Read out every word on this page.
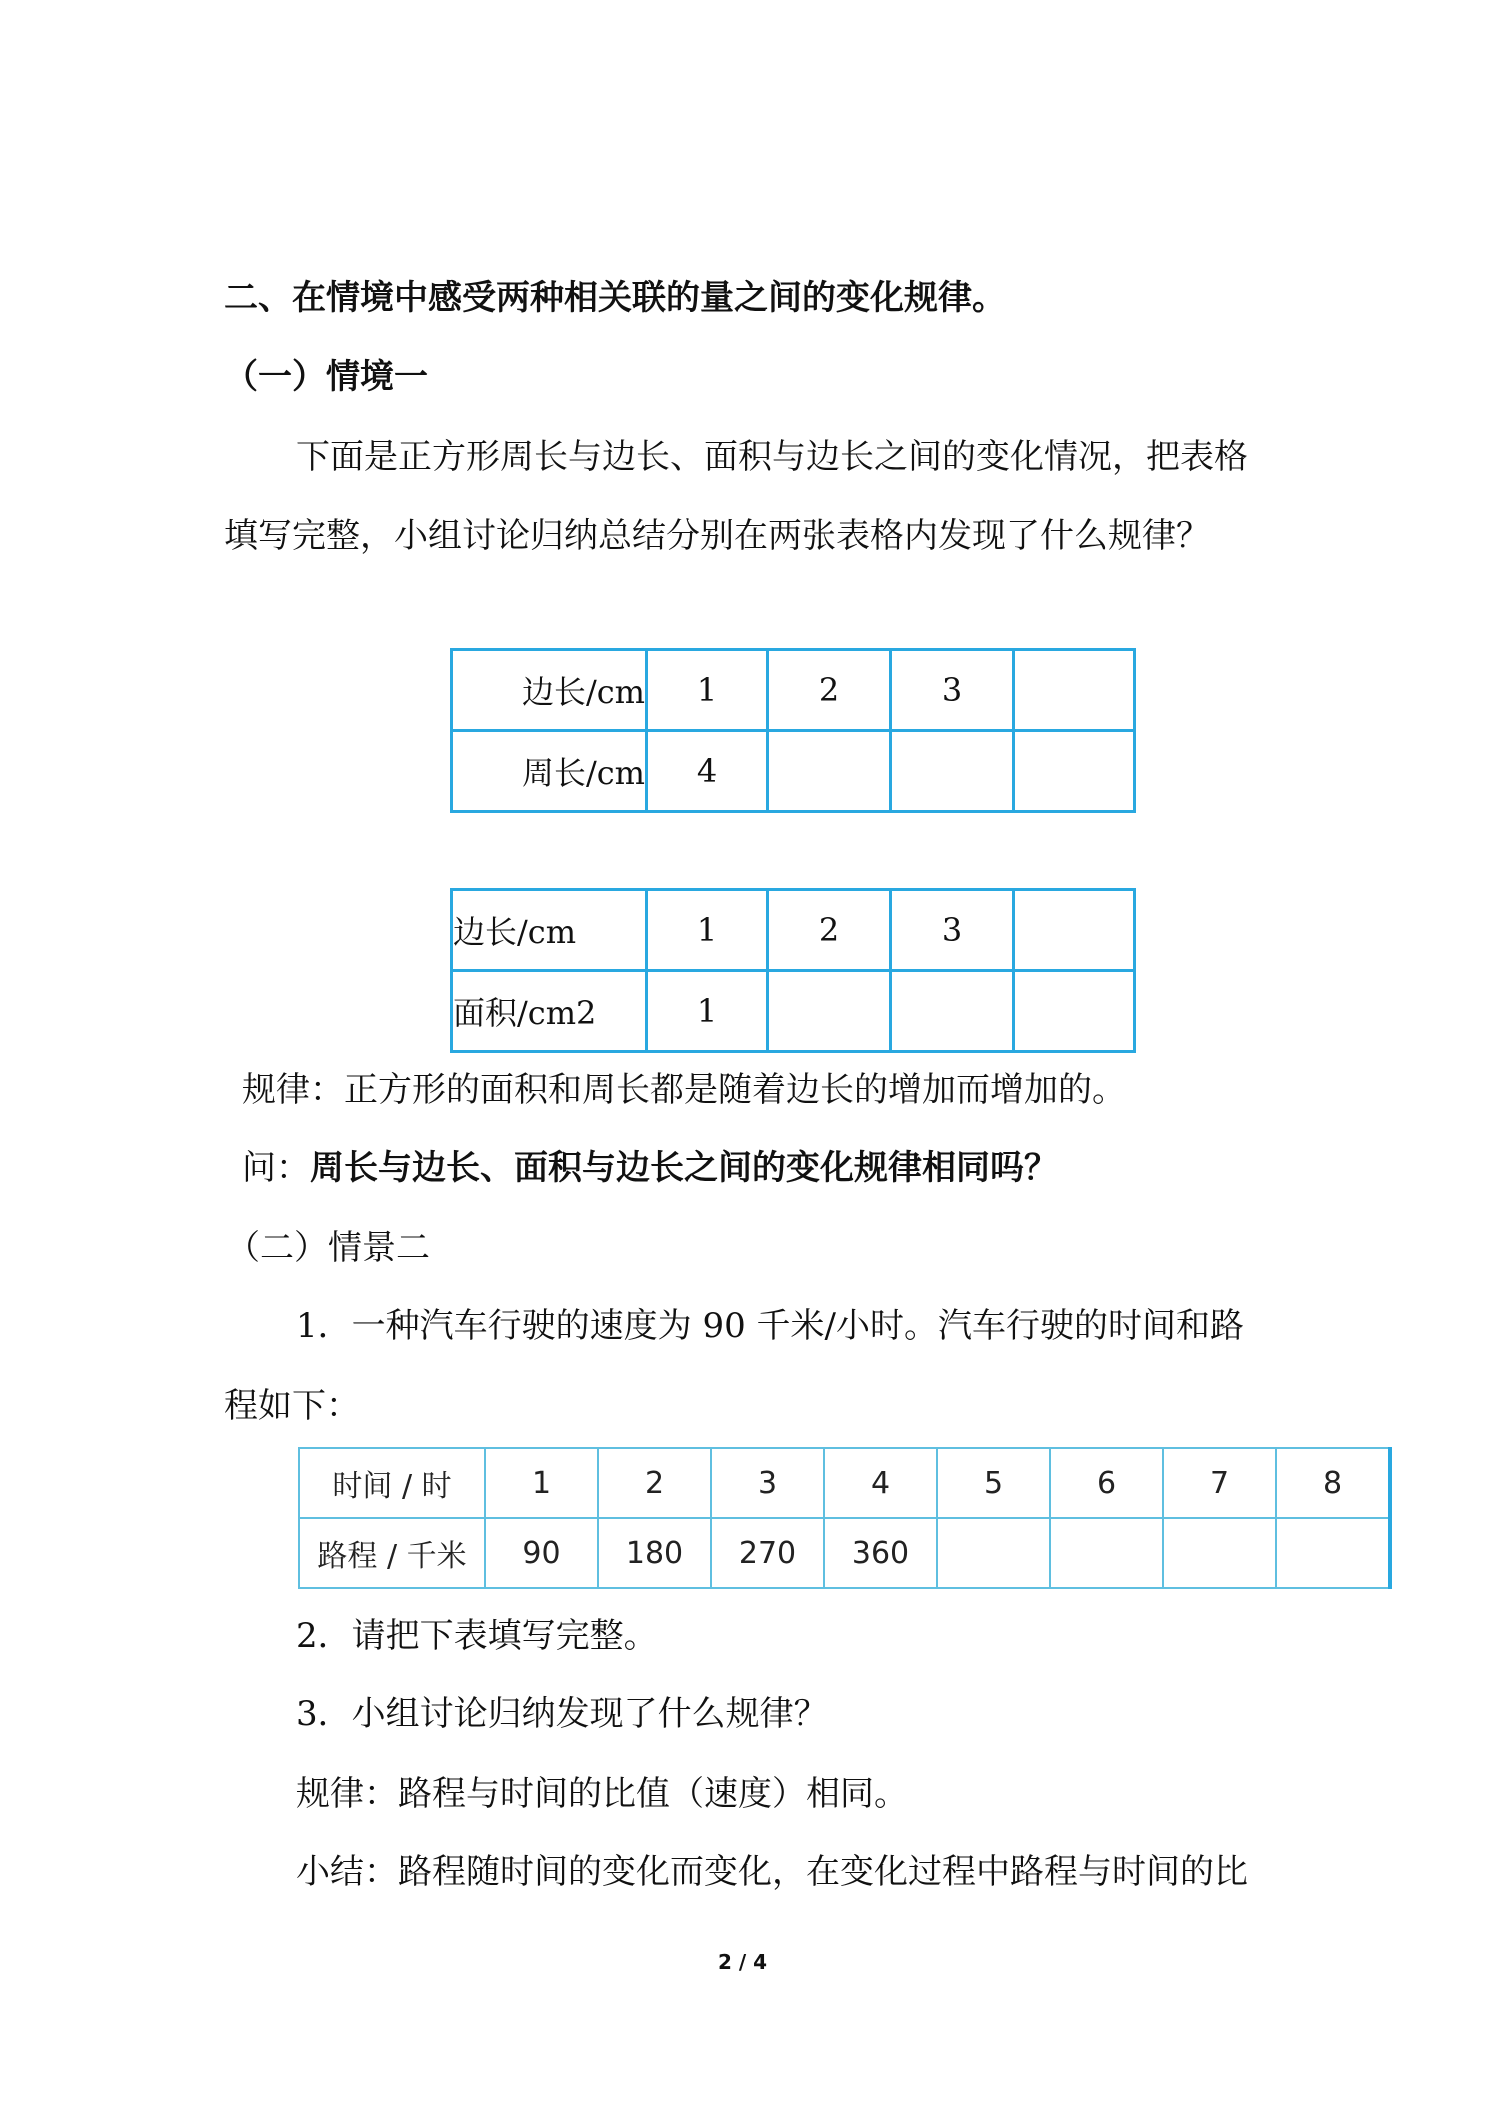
二、在情境中感受两种相关联的量之间的变化规律。
（一）情境一
下面是正方形周长与边长、面积与边长之间的变化情况，把表格
填写完整，小组讨论归纳总结分别在两张表格内发现了什么规律？
边长/cm	1	2	3	
周长/cm	4			
边长/cm	1	2	3	
面积/cm2	1			
规律：正方形的面积和周长都是随着边长的增加而增加的。
问：周长与边长、面积与边长之间的变化规律相同吗？
（二）情景二
1．一种汽车行驶的速度为 90 千米/小时。汽车行驶的时间和路
程如下：
时间 / 时	1	2	3	4	5	6	7	8
路程 / 千米	90	180	270	360				
2．请把下表填写完整。
3．小组讨论归纳发现了什么规律？
规律：路程与时间的比值（速度）相同。
小结：路程随时间的变化而变化，在变化过程中路程与时间的比
2 / 4
